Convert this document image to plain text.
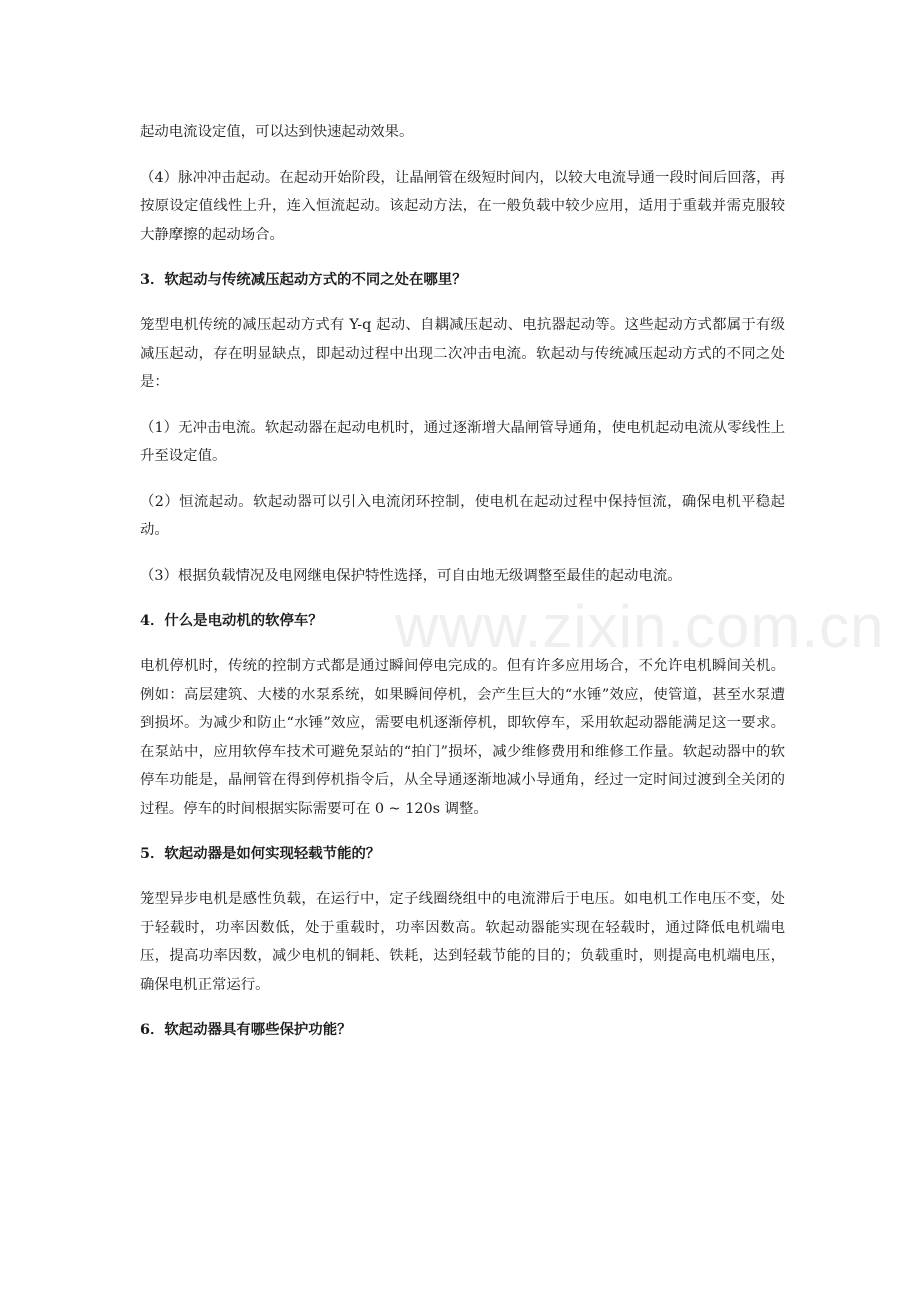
起动电流设定值，可以达到快速起动效果。

（4）脉冲冲击起动。在起动开始阶段，让晶闸管在级短时间内，以较大电流导通一段时间后回落，再按原设定值线性上升，连入恒流起动。该起动方法，在一般负载中较少应用，适用于重载并需克服较大静摩擦的起动场合。

3．软起动与传统减压起动方式的不同之处在哪里？

笼型电机传统的减压起动方式有 Y-q 起动、自耦减压起动、电抗器起动等。这些起动方式都属于有级减压起动，存在明显缺点，即起动过程中出现二次冲击电流。软起动与传统减压起动方式的不同之处是：

（1）无冲击电流。软起动器在起动电机时，通过逐渐增大晶闸管导通角，使电机起动电流从零线性上升至设定值。

（2）恒流起动。软起动器可以引入电流闭环控制，使电机在起动过程中保持恒流，确保电机平稳起动。

（3）根据负载情况及电网继电保护特性选择，可自由地无级调整至最佳的起动电流。

4．什么是电动机的软停车？

电机停机时，传统的控制方式都是通过瞬间停电完成的。但有许多应用场合，不允许电机瞬间关机。例如：高层建筑、大楼的水泵系统，如果瞬间停机，会产生巨大的“水锤”效应，使管道，甚至水泵遭到损坏。为减少和防止“水锤”效应，需要电机逐渐停机，即软停车，采用软起动器能满足这一要求。在泵站中，应用软停车技术可避免泵站的“拍门”损坏，减少维修费用和维修工作量。软起动器中的软停车功能是，晶闸管在得到停机指令后，从全导通逐渐地减小导通角，经过一定时间过渡到全关闭的过程。停车的时间根据实际需要可在 0 ~ 120s 调整。

5．软起动器是如何实现轻载节能的？

笼型异步电机是感性负载，在运行中，定子线圈绕组中的电流滞后于电压。如电机工作电压不变，处于轻载时，功率因数低，处于重载时，功率因数高。软起动器能实现在轻载时，通过降低电机端电压，提高功率因数，减少电机的铜耗、铁耗，达到轻载节能的目的；负载重时，则提高电机端电压，确保电机正常运行。

6．软起动器具有哪些保护功能？

www.zixin.com.cn
